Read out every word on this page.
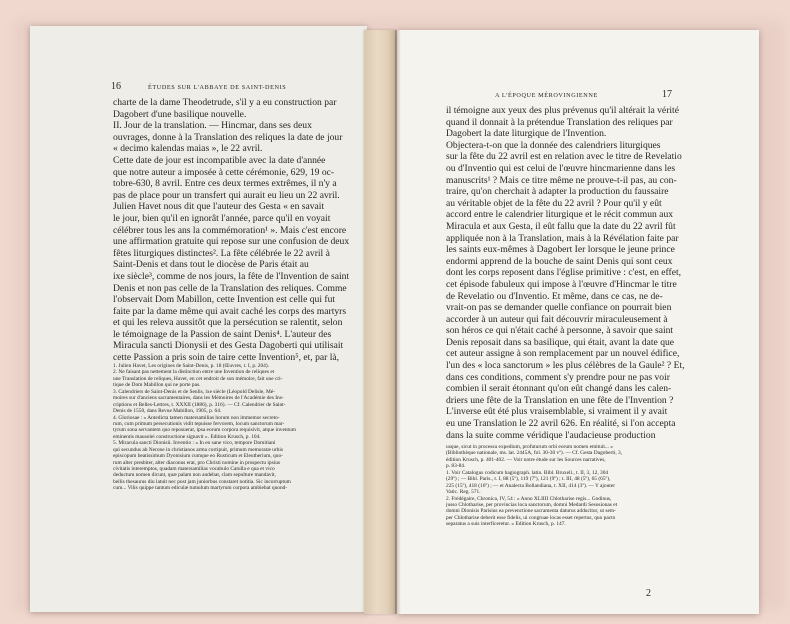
16	ÉTUDES SUR L'ABBAYE DE SAINT-DENIS
charte de la dame Theodetrude, s'il y a eu construction par
Dagobert d'une basilique nouvelle.
II. Jour de la translation. — Hincmar, dans ses deux
ouvrages, donne à la Translation des reliques la date de jour
« decimo kalendas maias », le 22 avril.
Cette date de jour est incompatible avec la date d'année
que notre auteur a imposée à cette cérémonie, 629, 19 oc-
tobre-630, 8 avril. Entre ces deux termes extrêmes, il n'y a
pas de place pour un transfert qui aurait eu lieu un 22 avril.
Julien Havet nous dit que l'auteur des Gesta « en savait
le jour, bien qu'il en ignorât l'année, parce qu'il en voyait
célébrer tous les ans la commémoration¹ ». Mais c'est encore
une affirmation gratuite qui repose sur une confusion de deux
fêtes liturgiques distinctes². La fête célébrée le 22 avril à
Saint-Denis et dans tout le diocèse de Paris était au
ixe siècle³, comme de nos jours, la fête de l'Invention de saint
Denis et non pas celle de la Translation des reliques. Comme
l'observait Dom Mabillon, cette Invention est celle qui fut
faite par la dame même qui avait caché les corps des martyrs
et qui les releva aussitôt que la persécution se ralentit, selon
le témoignage de la Passion de saint Denis⁴. L'auteur des
Miracula sancti Dionysii et des Gesta Dagoberti qui utilisait
cette Passion a pris soin de taire cette Invention⁵, et, par là,
1. Julien Havet, Les origines de Saint-Denis, p. 18 (Œuvres, t. I, p. 204).
2. Ne faisant pas nettement la distinction entre une Invention de reliques et
une Translation de reliques, Havet, en cet endroit de son mémoire, fait une cri-
tique de Dom Mabillon qui ne porte pas.
3. Calendriers de Saint-Denis et de Senlis, ixe siècle (Léopold Delisle, Mé-
moires sur d'anciens sacramentaires, dans les Mémoires de l'Académie des Ins-
criptions et Belles-Lettres, t. XXXII (1886), p. 316). — Cf. Calendrier de Saint-
Denis de 1550, dans Revue Mabillon, 1905, p. 64.
4. Gloriosae : « Antedicta tamen matersamilias horum non immemor secreto-
rum, cum primum persecutionis vidit tepuisse fervorem, locum sanctorum mar-
tyrum sona servantem quo reposuerat, ipsa eorum corpora requisivit, atque inventum
eminentis mausolei constructione signavit ». Édition Krusch, p. 104.
5. Miracula sancti Dionisii. Inventio : « In eo sane vico, tempore Domitiani
qui secundus ab Nerone in christianos arma corripuit, primum memoratæ urbis
episcopum beatissimum Dyonisium cumque eo Rusticum et Eleutherium, quo-
rum alter presbiter, alter diaconus erat, pro Christi nomine in prospectu ipsius
civitatis interemptos, quadam matersamilias vocabulo Catulla e qua et vico
deductum nomen dicunt, quæ palam non audebat, clam sepulture mandavit,
bellis thesaurus diu latuit nec post jam juniorbus constaret notitia. Sic incorruptum
cum... Vilis quippe tantum ediculæ tumulum martyrum corpora ambiebat quond-
A L'ÉPOQUE MÉROVINGIENNE	17
il témoigne aux yeux des plus prévenus qu'il altérait la vérité
quand il donnait à la prétendue Translation des reliques par
Dagobert la date liturgique de l'Invention.
Objectera-t-on que la donnée des calendriers liturgiques
sur la fête du 22 avril est en relation avec le titre de Revelatio
ou d'Inventio qui est celui de l'œuvre hincmarienne dans les
manuscrits¹ ? Mais ce titre même ne prouve-t-il pas, au con-
traire, qu'on cherchait à adapter la production du faussaire
au véritable objet de la fête du 22 avril ? Pour qu'il y eût
accord entre le calendrier liturgique et le récit commun aux
Miracula et aux Gesta, il eût fallu que la date du 22 avril fût
appliquée non à la Translation, mais à la Révélation faite par
les saints eux-mêmes à Dagobert Ier lorsque le jeune prince
endormi apprend de la bouche de saint Denis qui sont ceux
dont les corps reposent dans l'église primitive : c'est, en effet,
cet épisode fabuleux qui impose à l'œuvre d'Hincmar le titre
de Revelatio ou d'Inventio. Et même, dans ce cas, ne de-
vrait-on pas se demander quelle confiance on pourrait bien
accorder à un auteur qui fait découvrir miraculeusement à
son héros ce qui n'était caché à personne, à savoir que saint
Denis reposait dans sa basilique, qui était, avant la date que
cet auteur assigne à son remplacement par un nouvel édifice,
l'un des « loca sanctorum » les plus célèbres de la Gaule² ? Et,
dans ces conditions, comment s'y prendre pour ne pas voir
combien il serait étonnant qu'on eût changé dans les calen-
driers une fête de la Translation en une fête de l'Invention ?
L'inverse eût été plus vraisemblable, si vraiment il y avait
eu une Translation le 22 avril 626. En réalité, si l'on accepta
dans la suite comme véridique l'audacieuse production
usque, sicut in processu expedium, profuturum orbi eorum nomen emituit... »
(Bibliothèque nationale, ms. lat. 2445A, fol. 30-30 vº). — Cf. Gesta Dagoberti, 3,
édition Krusch, p. 401-402. — Voir notre étude sur les Sources narratives,
p. 83-84.
1. Voir Catalogus codicum hagiograph. latin. Bibl. Bruxell., t. II, 3, 12, 304
(29º) ; — Bibl. Paris., t. I, 88 (5º), 119 (7º), 121 (9º) ; t. III, 48 (5º), 65 (65º),
225 (15º), 418 (16º) ; — et Analecta Bollandiana, t. XII, 414 (3º). — Y ajouter
Vatic. Reg. 571.
2. Frédégaire, Chronica, IV, 54 : « Anno XLIIII Chlotharise regis... Godinus,
jusso Chlotharise, per provincias loca sanctorum, domni Medardi Sesosionas et
domni Dionisis Parisius ea prevenctione sacramenta daturus adducitur, ut sem-
per Chlotharise deberit esse fidelis, ui congruae locas esset repertus, quo pacto
separatus a suis interficeretur. » Édition Krusch, p. 147.
2
